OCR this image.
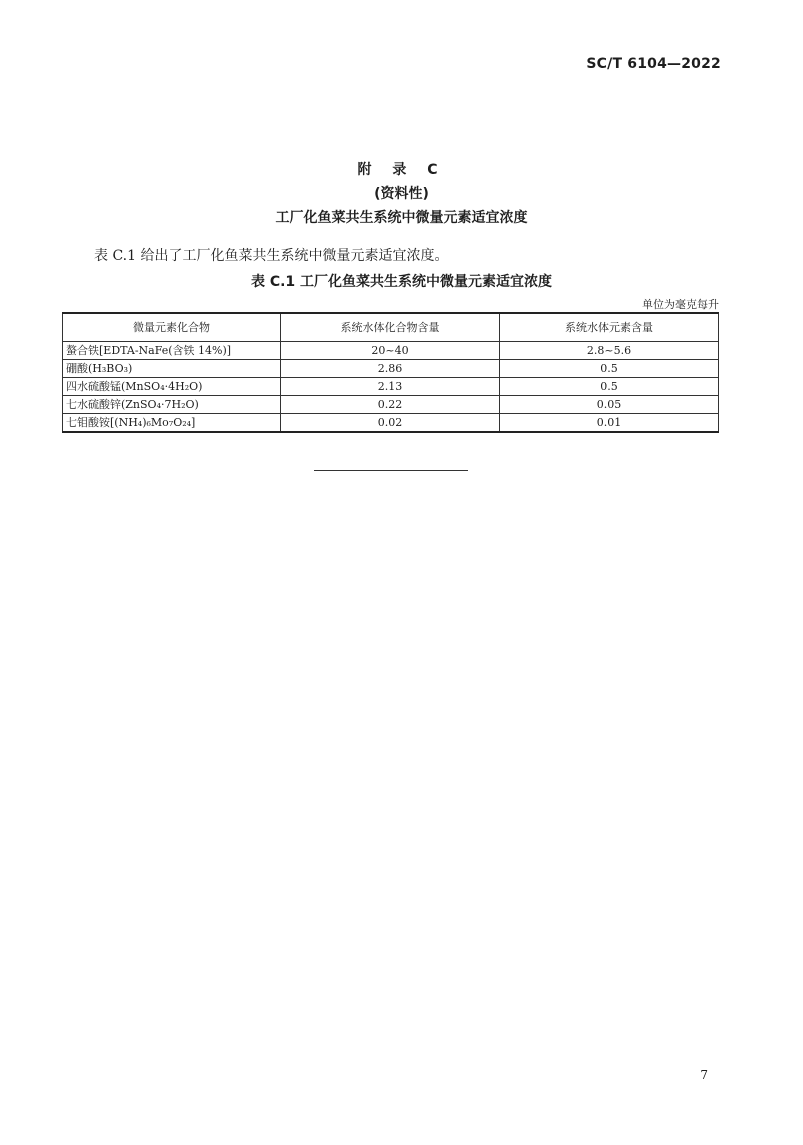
SC/T 6104—2022
附 录 C
(资料性)
工厂化鱼菜共生系统中微量元素适宜浓度
表 C.1 给出了工厂化鱼菜共生系统中微量元素适宜浓度。
表 C.1 工厂化鱼菜共生系统中微量元素适宜浓度
单位为毫克每升
微量元素化合物	系统水体化合物含量	系统水体元素含量
螯合铁[EDTA-NaFe(含铁 14%)]	20~40	2.8~5.6
硼酸(H₃BO₃)	2.86	0.5
四水硫酸锰(MnSO₄·4H₂O)	2.13	0.5
七水硫酸锌(ZnSO₄·7H₂O)	0.22	0.05
七钼酸铵[(NH₄)₆Mo₇O₂₄]	0.02	0.01
7
